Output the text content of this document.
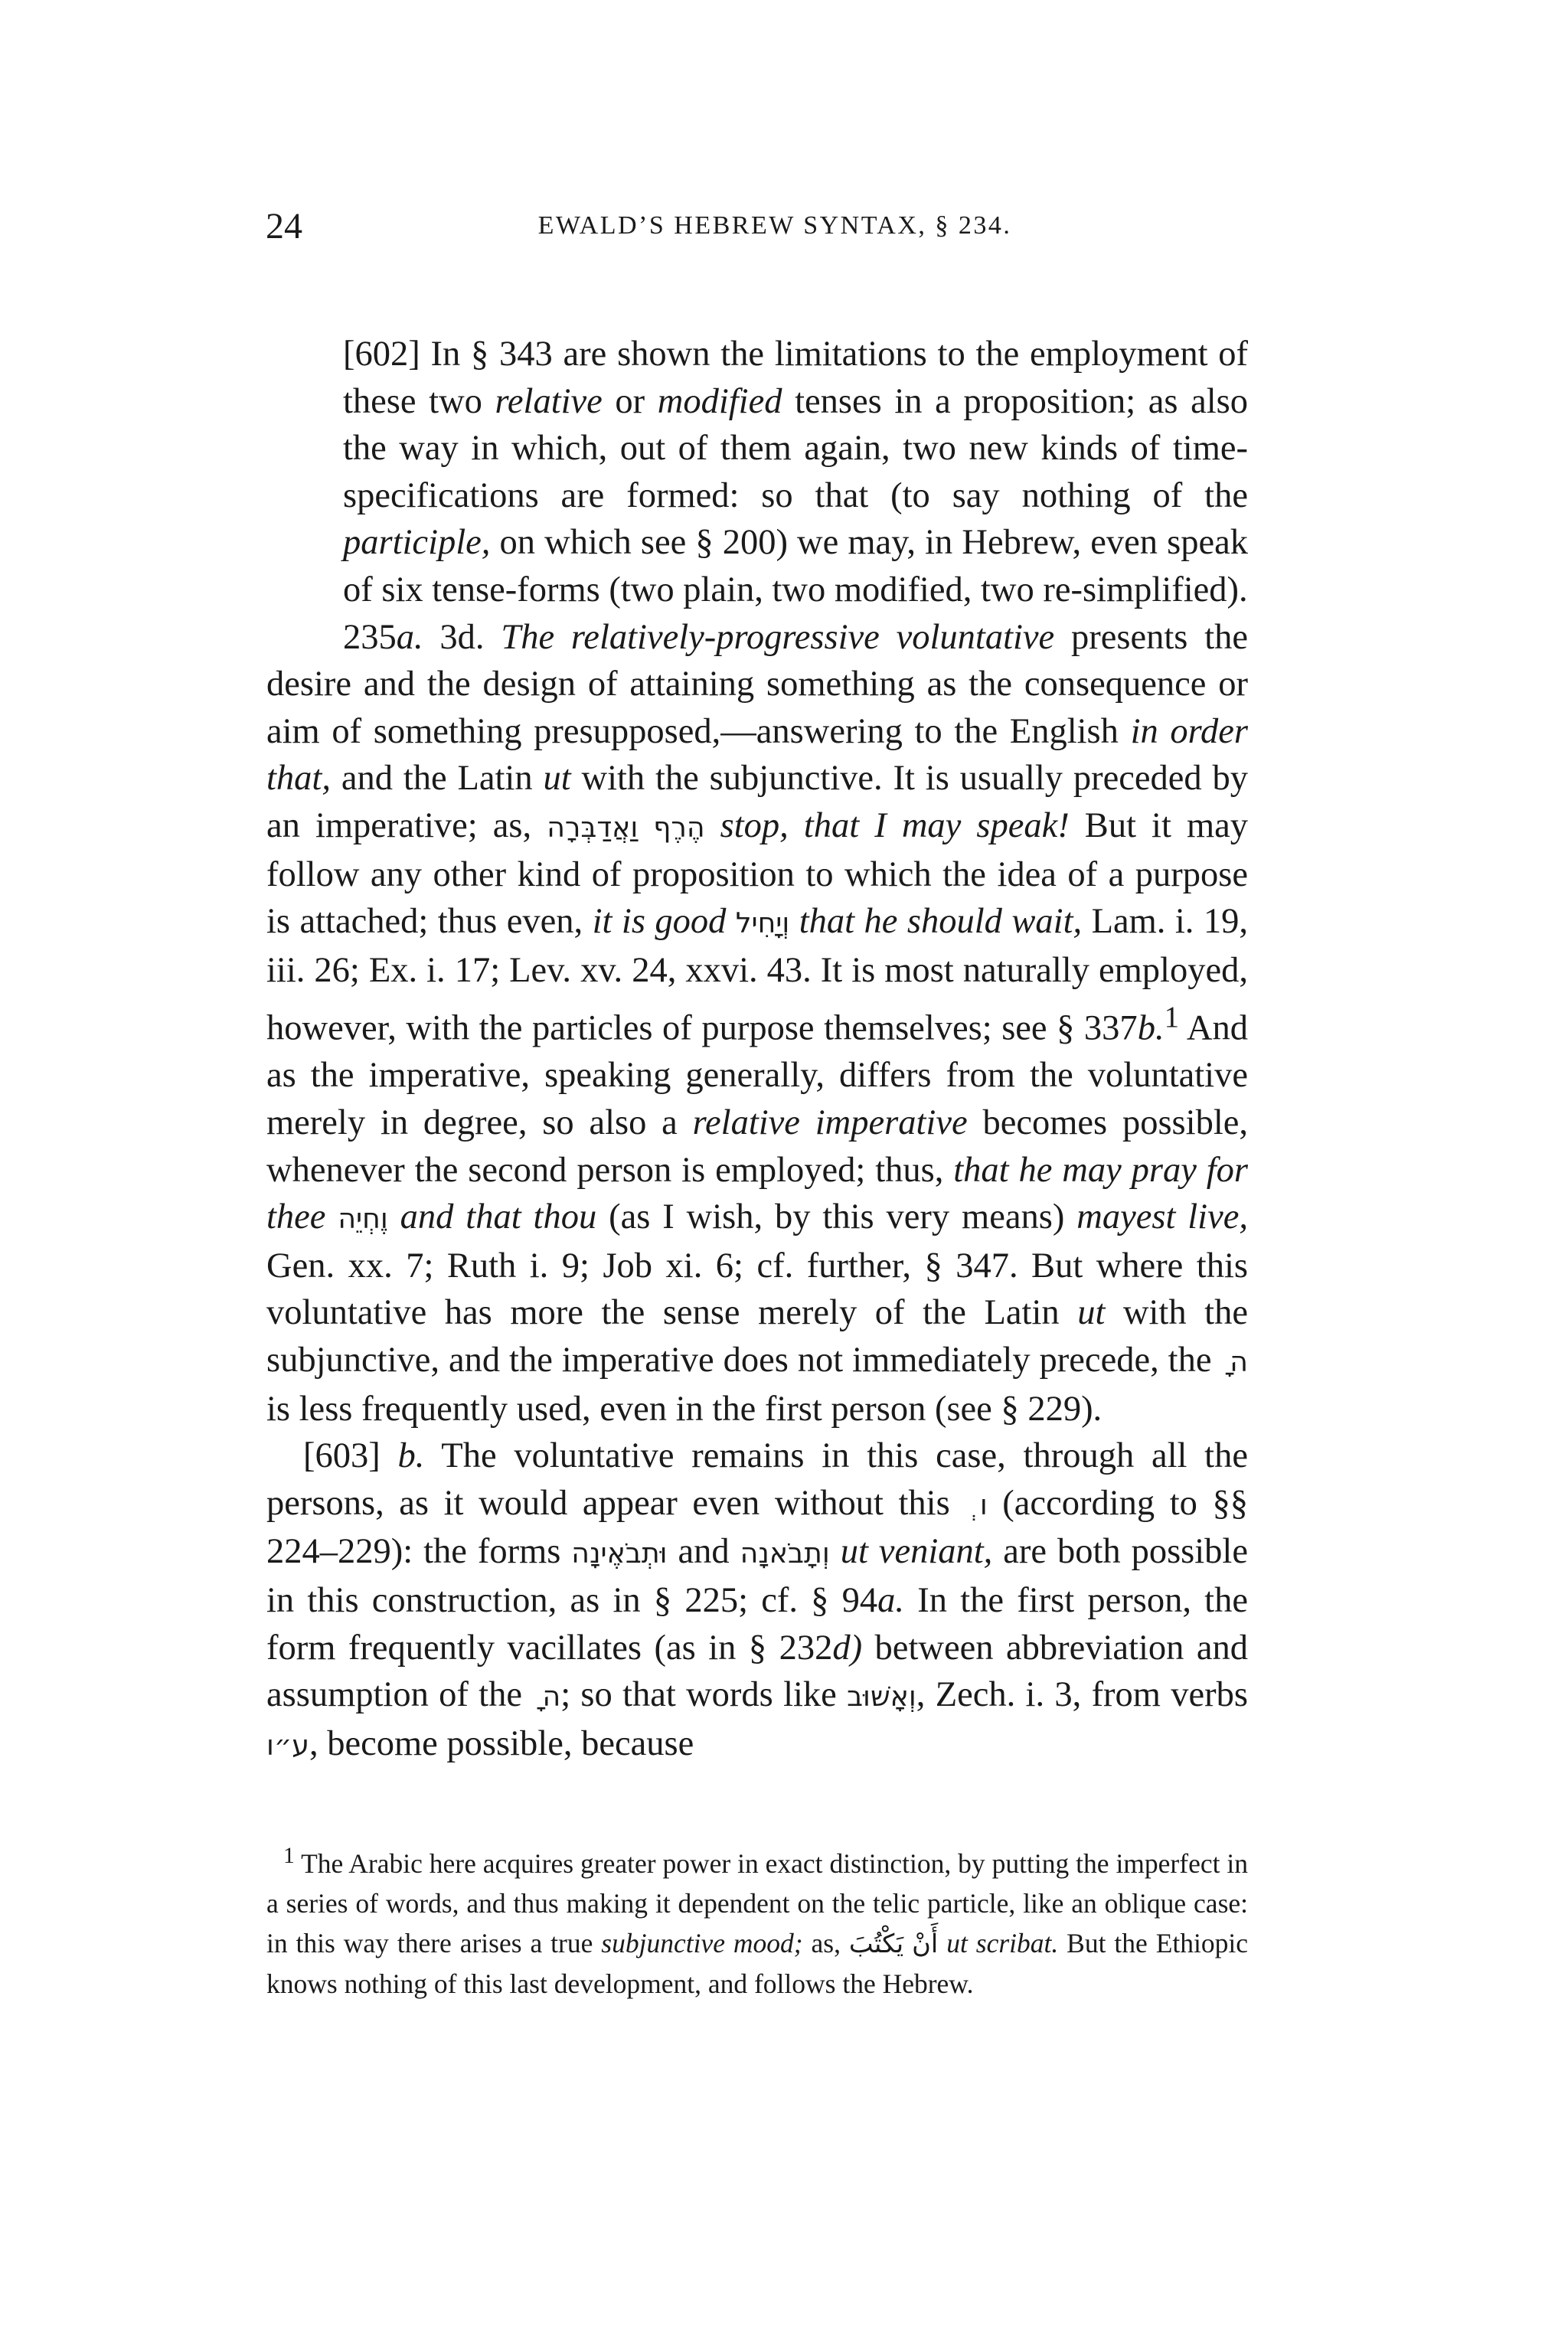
24	EWALD’S HEBREW SYNTAX, § 234.

[602] In § 343 are shown the limitations to the employment of these two relative or modified tenses in a proposition; as also the way in which, out of them again, two new kinds of time-specifications are formed: so that (to say nothing of the participle, on which see § 200) we may, in Hebrew, even speak of six tense-forms (two plain, two modified, two re-simplified).

235a. 3d. The relatively-progressive voluntative presents the desire and the design of attaining something as the consequence or aim of something presupposed,—answering to the English in order that, and the Latin ut with the subjunctive. It is usually preceded by an imperative; as, הֶרֶף וַאֲדַבְּרָה stop, that I may speak! But it may follow any other kind of proposition to which the idea of a purpose is attached; thus even, it is good וְיָחִיל that he should wait, Lam. i. 19, iii. 26; Ex. i. 17; Lev. xv. 24, xxvi. 43. It is most naturally employed, however, with the particles of purpose themselves; see § 337b.$^1$ And as the imperative, speaking generally, differs from the voluntative merely in degree, so also a relative imperative becomes possible, whenever the second person is employed; thus, that he may pray for thee וֶחְיֵה and that thou (as I wish, by this very means) mayest live, Gen. xx. 7; Ruth i. 9; Job xi. 6; cf. further, § 347. But where this voluntative has more the sense merely of the Latin ut with the subjunctive, and the imperative does not immediately precede, the ה ָ is less frequently used, even in the first person (see § 229).

[603] b. The voluntative remains in this case, through all the persons, as it would appear even without this ו ְ (according to §§ 224–229): the forms וּתְבֹאֶינָה and וְתָבֹאנָה ut veniant, are both possible in this construction, as in § 225; cf. § 94a. In the first person, the form frequently vacillates (as in § 232d) between abbreviation and assumption of the ה ָ; so that words like וְאָשׁוּב, Zech. i. 3, from verbs ע״ו, become possible, because

$^1$ The Arabic here acquires greater power in exact distinction, by putting the imperfect in a series of words, and thus making it dependent on the telic particle, like an oblique case: in this way there arises a true subjunctive mood; as, يَكْتُبَ أَنْ ut scribat. But the Ethiopic knows nothing of this last development, and follows the Hebrew.
